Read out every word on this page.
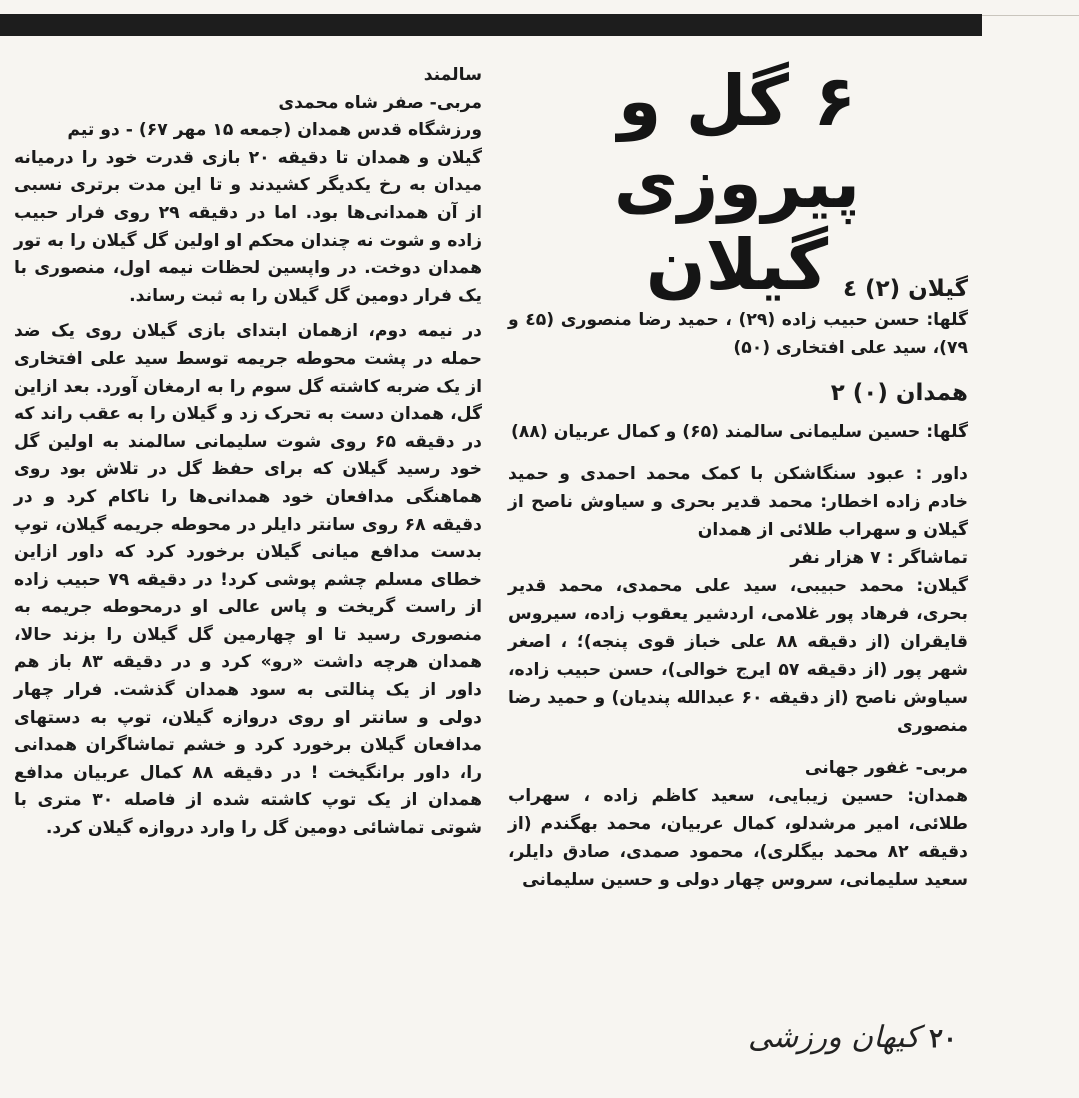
۶ گل و پیروزی
گیلان

سالمند

مربی- صفر شاه محمدی

ورزشگاه قدس همدان (جمعه ۱۵ مهر ۶۷) - دو تیم

گیلان و همدان تا دقیقه ۲۰ بازی قدرت خود را درمیانه میدان به رخ یکدیگر کشیدند و تا این مدت برتری نسبی از آن همدانی‌ها بود. اما در دقیقه ۲۹ روی فرار حبیب زاده و شوت نه چندان محکم او اولین گل گیلان را به تور همدان دوخت. در واپسین لحظات نیمه اول، منصوری با یک فرار دومین گل گیلان را به ثبت رساند.

در نیمه دوم، ازهمان ابتدای بازی گیلان روی یک ضد حمله در پشت محوطه جریمه توسط سید علی افتخاری از یک ضربه کاشته گل سوم را به ارمغان آورد. بعد ازاین گل، همدان دست به تحرک زد و گیلان را به عقب راند که در دقیقه ۶۵ روی شوت سلیمانی سالمند به اولین گل خود رسید گیلان که برای حفظ گل در تلاش بود روی هماهنگی مدافعان خود همدانی‌ها را ناکام کرد و در دقیقه ۶۸ روی سانتر دایلر در محوطه جریمه گیلان، توپ بدست مدافع میانی گیلان برخورد کرد که داور ازاین خطای مسلم چشم پوشی کرد! در دقیقه ۷۹ حبیب زاده از راست گریخت و پاس عالی او درمحوطه جریمه به منصوری رسید تا او چهارمین گل گیلان را بزند حالا، همدان هرچه داشت «رو» کرد و در دقیقه ۸۳ باز هم داور از یک پنالتی به سود همدان گذشت. فرار چهار دولی و سانتر او روی دروازه گیلان، توپ به دستهای مدافعان گیلان برخورد کرد و خشم تماشاگران همدانی را، داور برانگیخت ! در دقیقه ۸۸ کمال عربیان مدافع همدان از یک توپ کاشته شده از فاصله ۳۰ متری با شوتی تماشائی دومین گل را وارد دروازه گیلان کرد.

گیلان (۲) ٤

گلها: حسن حبیب زاده (۲۹) ، حمید رضا منصوری (٤۵ و ۷۹)، سید علی افتخاری (۵۰)

همدان (۰) ۲

گلها: حسین سلیمانی سالمند (۶۵) و کمال عربیان (۸۸)

داور : عبود سنگاشکن با کمک محمد احمدی و حمید خادم زاده اخطار: محمد قدیر بحری و سیاوش ناصح از گیلان و سهراب طلائی از همدان

تماشاگر : ۷ هزار نفر

گیلان: محمد حبیبی، سید علی محمدی، محمد قدیر بحری، فرهاد پور غلامی، اردشیر یعقوب زاده، سیروس قایقران (از دقیقه ۸۸ علی خباز قوی پنجه)؛ ، اصغر شهر پور (از دقیقه ۵۷ ایرج خوالی)، حسن حبیب زاده، سیاوش ناصح (از دقیقه ۶۰ عبدالله پندیان) و حمید رضا منصوری

مربی- غفور جهانی

همدان: حسین زیبایی، سعید کاظم زاده ، سهراب طلائی، امیر مرشدلو، کمال عربیان، محمد بهگندم (از دقیقه ۸۲ محمد بیگلری)، محمود صمدی، صادق دایلر، سعید سلیمانی، سروس چهار دولی و حسین سلیمانی

۲۰ کیهان ورزشی
